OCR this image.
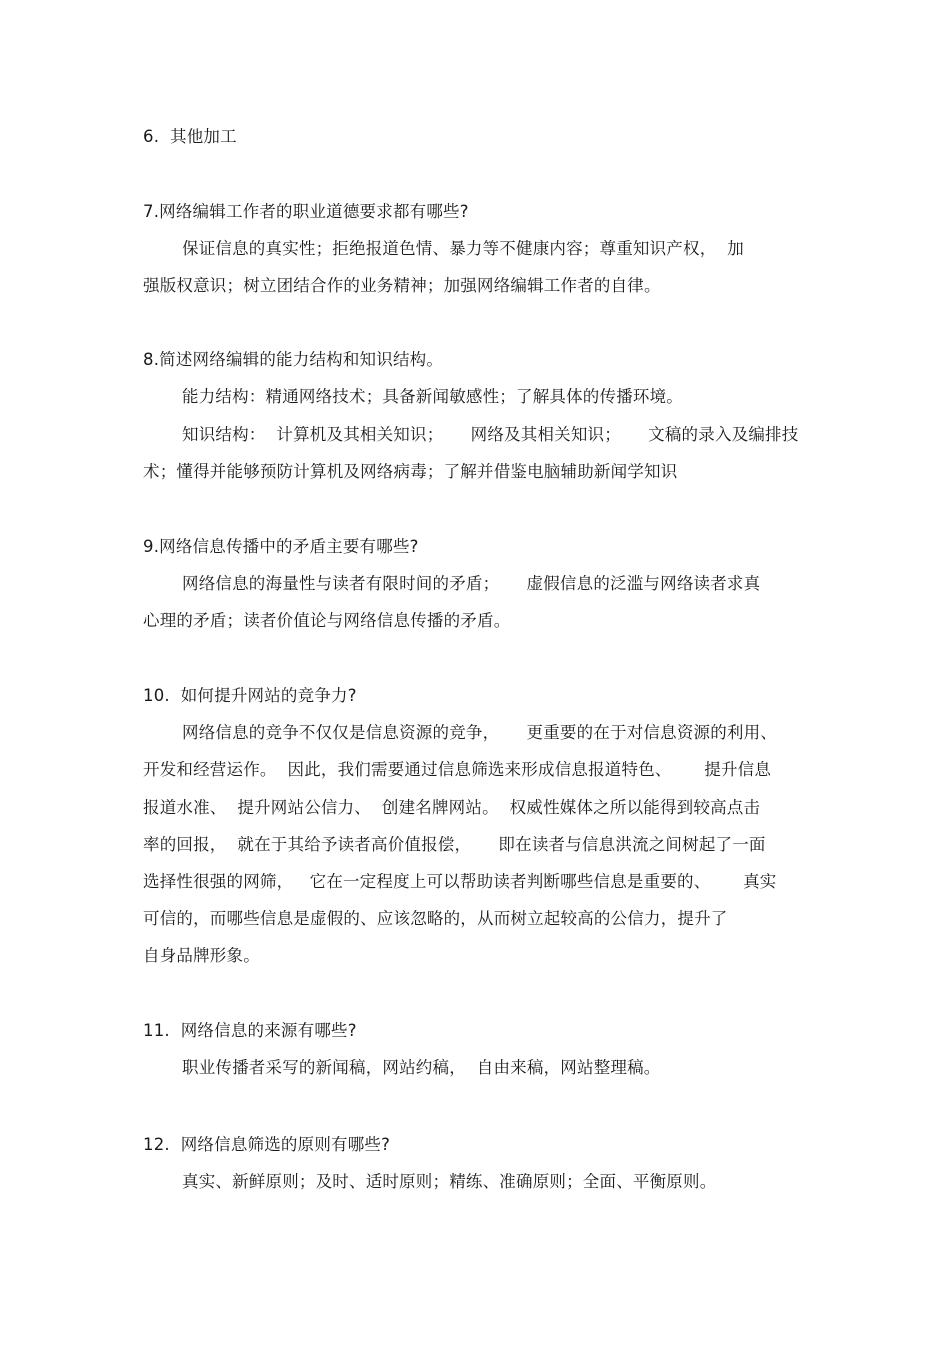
6.  其他加工
7.网络编辑工作者的职业道德要求都有哪些?
保证信息的真实性；拒绝报道色情、暴力等不健康内容；尊重知识产权，  加
强版权意识；树立团结合作的业务精神；加强网络编辑工作者的自律。
8.简述网络编辑的能力结构和知识结构。
能力结构：精通网络技术；具备新闻敏感性；了解具体的传播环境。
知识结构：  计算机及其相关知识；     网络及其相关知识；     文稿的录入及编排技
术；懂得并能够预防计算机及网络病毒；了解并借鉴电脑辅助新闻学知识
9.网络信息传播中的矛盾主要有哪些?
网络信息的海量性与读者有限时间的矛盾；     虚假信息的泛滥与网络读者求真
心理的矛盾；读者价值论与网络信息传播的矛盾。
10.  如何提升网站的竞争力?
网络信息的竞争不仅仅是信息资源的竞争，     更重要的在于对信息资源的利用、
开发和经营运作。  因此，我们需要通过信息筛选来形成信息报道特色、      提升信息
报道水准、  提升网站公信力、  创建名牌网站。  权威性媒体之所以能得到较高点击
率的回报，  就在于其给予读者高价值报偿，     即在读者与信息洪流之间树起了一面
选择性很强的网筛，   它在一定程度上可以帮助读者判断哪些信息是重要的、      真实
可信的，而哪些信息是虚假的、应该忽略的，从而树立起较高的公信力，提升了
自身品牌形象。
11.  网络信息的来源有哪些?
职业传播者采写的新闻稿，网站约稿，  自由来稿，网站整理稿。
12.  网络信息筛选的原则有哪些?
真实、新鲜原则；及时、适时原则；精练、准确原则；全面、平衡原则。
